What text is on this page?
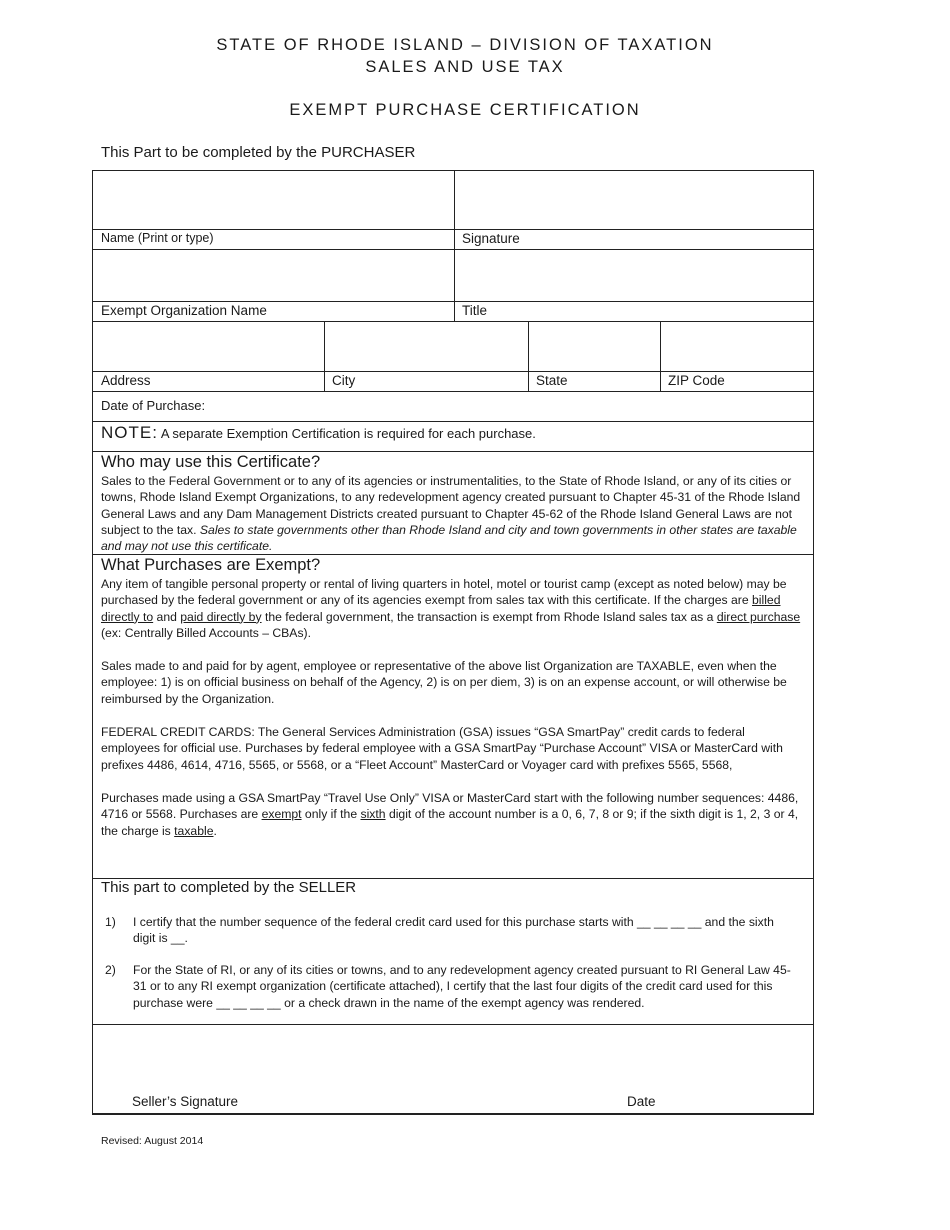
STATE OF RHODE ISLAND – DIVISION OF TAXATION
SALES AND USE TAX
EXEMPT PURCHASE CERTIFICATION
This Part to be completed by the PURCHASER
Name (Print or type)	Signature
Exempt Organization Name	Title
Address	City	State	ZIP Code
Date of Purchase:
NOTE: A separate Exemption Certification is required for each purchase.
Who may use this Certificate?
Sales to the Federal Government or to any of its agencies or instrumentalities, to the State of Rhode Island, or any of its cities or towns, Rhode Island Exempt Organizations, to any redevelopment agency created pursuant to Chapter 45-31 of the Rhode Island General Laws and any Dam Management Districts created pursuant to Chapter 45-62 of the Rhode Island General Laws are not subject to the tax. Sales to state governments other than Rhode Island and city and town governments in other states are taxable and may not use this certificate.
What Purchases are Exempt?

Any item of tangible personal property or rental of living quarters in hotel, motel or tourist camp (except as noted below) may be purchased by the federal government or any of its agencies exempt from sales tax with this certificate. If the charges are billed directly to and paid directly by the federal government, the transaction is exempt from Rhode Island sales tax as a direct purchase (ex: Centrally Billed Accounts – CBAs).

Sales made to and paid for by agent, employee or representative of the above list Organization are TAXABLE, even when the employee: 1) is on official business on behalf of the Agency, 2) is on per diem, 3) is on an expense account, or will otherwise be reimbursed by the Organization.

FEDERAL CREDIT CARDS: The General Services Administration (GSA) issues “GSA SmartPay” credit cards to federal employees for official use. Purchases by federal employee with a GSA SmartPay “Purchase Account” VISA or MasterCard with prefixes 4486, 4614, 4716, 5565, or 5568, or a “Fleet Account” MasterCard or Voyager card with prefixes 5565, 5568,

Purchases made using a GSA SmartPay “Travel Use Only” VISA or MasterCard start with the following number sequences: 4486, 4716 or 5568. Purchases are exempt only if the sixth digit of the account number is a 0, 6, 7, 8 or 9; if the sixth digit is 1, 2, 3 or 4, the charge is taxable.

This part to completed by the SELLER
1) I certify that the number sequence of the federal credit card used for this purchase starts with __ __ __ __ and the sixth digit is __.
2) For the State of RI, or any of its cities or towns, and to any redevelopment agency created pursuant to RI General Law 45-31 or to any RI exempt organization (certificate attached), I certify that the last four digits of the credit card used for this purchase were __ __ __ __ or a check drawn in the name of the exempt agency was rendered.
Seller’s Signature	Date
Revised: August 2014
